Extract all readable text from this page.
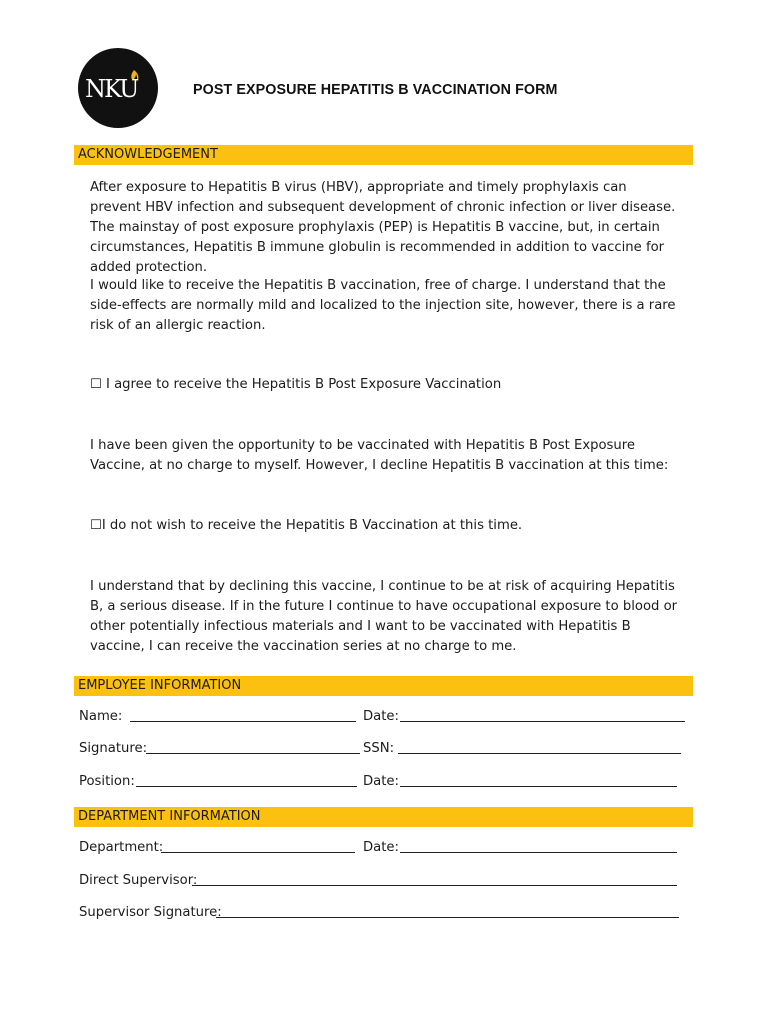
NKU	POST EXPOSURE HEPATITIS B VACCINATION FORM
ACKNOWLEDGEMENT

After exposure to Hepatitis B virus (HBV), appropriate and timely prophylaxis can prevent HBV infection and subsequent development of chronic infection or liver disease. The mainstay of post exposure prophylaxis (PEP) is Hepatitis B vaccine, but, in certain circumstances, Hepatitis B immune globulin is recommended in addition to vaccine for added protection.

I would like to receive the Hepatitis B vaccination, free of charge. I understand that the side-effects are normally mild and localized to the injection site, however, there is a rare risk of an allergic reaction.

☐ I agree to receive the Hepatitis B Post Exposure Vaccination

I have been given the opportunity to be vaccinated with Hepatitis B Post Exposure Vaccine, at no charge to myself. However, I decline Hepatitis B vaccination at this time:

☐I do not wish to receive the Hepatitis B Vaccination at this time.

I understand that by declining this vaccine, I continue to be at risk of acquiring Hepatitis B, a serious disease. If in the future I continue to have occupational exposure to blood or other potentially infectious materials and I want to be vaccinated with Hepatitis B vaccine, I can receive the vaccination series at no charge to me.

EMPLOYEE INFORMATION
Name:	Date:
Signature:	SSN:
Position:	Date:
DEPARTMENT INFORMATION
Department:	Date:
Direct Supervisor:
Supervisor Signature:
